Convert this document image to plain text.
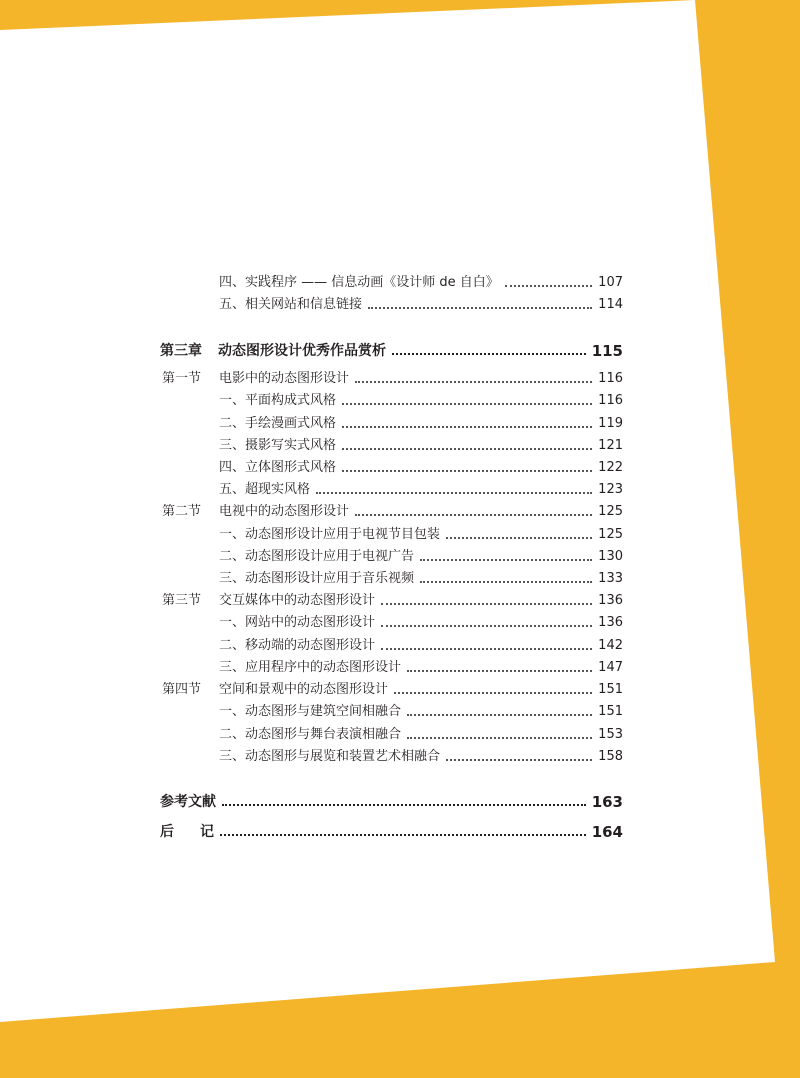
四、实践程序 —— 信息动画《设计师 de 自白》	107
五、相关网站和信息链接	114
第三章 动态图形设计优秀作品赏析	115
第一节 电影中的动态图形设计	116
一、平面构成式风格	116
二、手绘漫画式风格	119
三、摄影写实式风格	121
四、立体图形式风格	122
五、超现实风格	123
第二节 电视中的动态图形设计	125
一、动态图形设计应用于电视节目包装	125
二、动态图形设计应用于电视广告	130
三、动态图形设计应用于音乐视频	133
第三节 交互媒体中的动态图形设计	136
一、网站中的动态图形设计	136
二、移动端的动态图形设计	142
三、应用程序中的动态图形设计	147
第四节 空间和景观中的动态图形设计	151
一、动态图形与建筑空间相融合	151
二、动态图形与舞台表演相融合	153
三、动态图形与展览和装置艺术相融合	158
参考文献	163
后记	164
